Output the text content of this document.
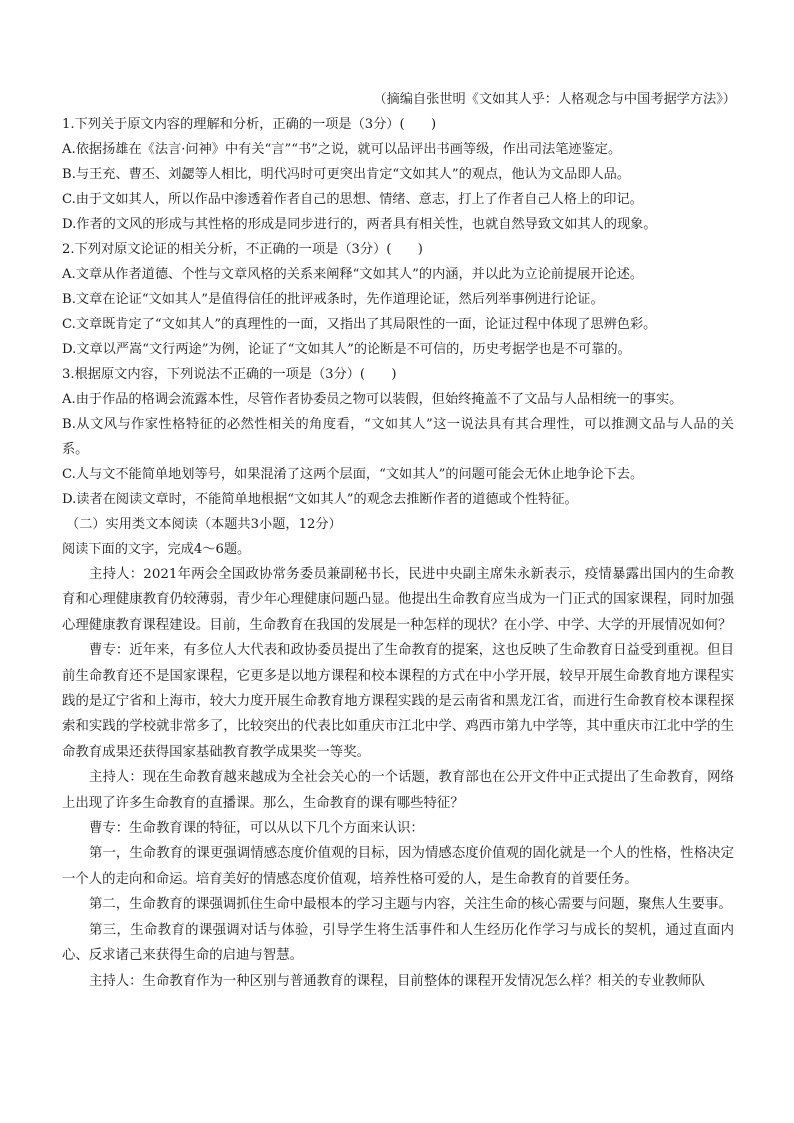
（摘编自张世明《文如其人乎：人格观念与中国考据学方法》）

1.下列关于原文内容的理解和分析，正确的一项是（3分）(　　)

A.依据扬雄在《法言·问神》中有关“言”“书”之说，就可以品评出书画等级，作出司法笔迹鉴定。

B.与王充、曹丕、刘勰等人相比，明代冯时可更突出肯定“文如其人”的观点，他认为文品即人品。

C.由于文如其人，所以作品中渗透着作者自己的思想、情绪、意志，打上了作者自己人格上的印记。

D.作者的文风的形成与其性格的形成是同步进行的，两者具有相关性，也就自然导致文如其人的现象。

2.下列对原文论证的相关分析，不正确的一项是（3分）(　　)

A.文章从作者道德、个性与文章风格的关系来阐释“文如其人”的内涵，并以此为立论前提展开论述。

B.文章在论证“文如其人”是值得信任的批评戒条时，先作道理论证，然后列举事例进行论证。

C.文章既肯定了“文如其人”的真理性的一面，又指出了其局限性的一面，论证过程中体现了思辨色彩。

D.文章以严嵩“文行两途”为例，论证了“文如其人”的论断是不可信的，历史考据学也是不可靠的。

3.根据原文内容，下列说法不正确的一项是（3分）(　　)

A.由于作品的格调会流露本性，尽管作者协委员之物可以装假，但始终掩盖不了文品与人品相统一的事实。

B.从文风与作家性格特征的必然性相关的角度看，“文如其人”这一说法具有其合理性，可以推测文品与人品的关系。

C.人与文不能简单地划等号，如果混淆了这两个层面，“文如其人”的问题可能会无休止地争论下去。

D.读者在阅读文章时，不能简单地根据“文如其人”的观念去推断作者的道德或个性特征。

（二）实用类文本阅读（本题共3小题，12分）

阅读下面的文字，完成4～6题。

主持人：2021年两会全国政协常务委员兼副秘书长，民进中央副主席朱永新表示，疫情暴露出国内的生命教育和心理健康教育仍较薄弱，青少年心理健康问题凸显。他提出生命教育应当成为一门正式的国家课程，同时加强心理健康教育课程建设。目前，生命教育在我国的发展是一种怎样的现状？在小学、中学、大学的开展情况如何？

曹专：近年来，有多位人大代表和政协委员提出了生命教育的提案，这也反映了生命教育日益受到重视。但目前生命教育还不是国家课程，它更多是以地方课程和校本课程的方式在中小学开展，较早开展生命教育地方课程实践的是辽宁省和上海市，较大力度开展生命教育地方课程实践的是云南省和黑龙江省，而进行生命教育校本课程探索和实践的学校就非常多了，比较突出的代表比如重庆市江北中学、鸡西市第九中学等，其中重庆市江北中学的生命教育成果还获得国家基础教育教学成果奖一等奖。

主持人：现在生命教育越来越成为全社会关心的一个话题，教育部也在公开文件中正式提出了生命教育，网络上出现了许多生命教育的直播课。那么，生命教育的课有哪些特征？

曹专：生命教育课的特征，可以从以下几个方面来认识：

第一，生命教育的课更强调情感态度价值观的目标，因为情感态度价值观的固化就是一个人的性格，性格决定一个人的走向和命运。培育美好的情感态度价值观，培养性格可爱的人，是生命教育的首要任务。

第二，生命教育的课强调抓住生命中最根本的学习主题与内容，关注生命的核心需要与问题，聚焦人生要事。

第三，生命教育的课强调对话与体验，引导学生将生活事件和人生经历化作学习与成长的契机，通过直面内心、反求诸己来获得生命的启迪与智慧。

主持人：生命教育作为一种区别与普通教育的课程，目前整体的课程开发情况怎么样？相关的专业教师队
